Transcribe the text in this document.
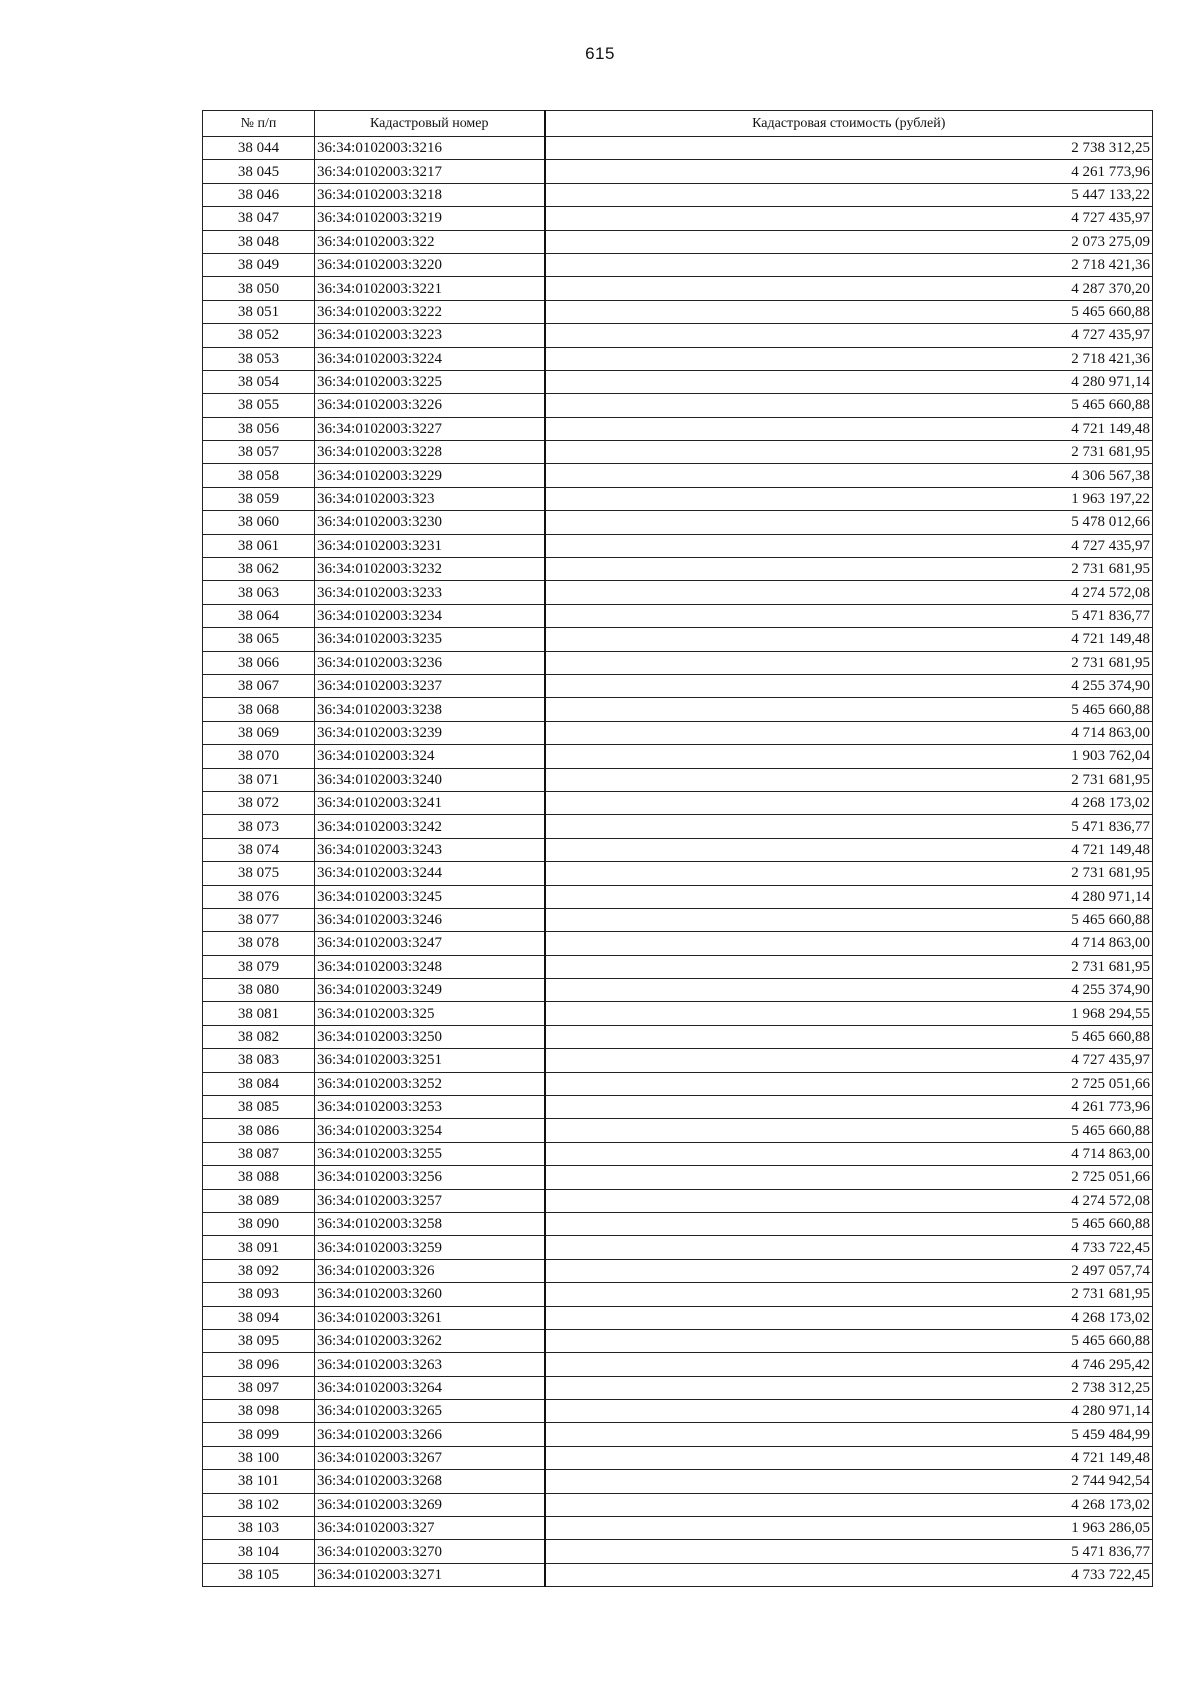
615
№ п/п	Кадастровый номер	Кадастровая стоимость (рублей)
38 044	36:34:0102003:3216	2 738 312,25
38 045	36:34:0102003:3217	4 261 773,96
38 046	36:34:0102003:3218	5 447 133,22
38 047	36:34:0102003:3219	4 727 435,97
38 048	36:34:0102003:322	2 073 275,09
38 049	36:34:0102003:3220	2 718 421,36
38 050	36:34:0102003:3221	4 287 370,20
38 051	36:34:0102003:3222	5 465 660,88
38 052	36:34:0102003:3223	4 727 435,97
38 053	36:34:0102003:3224	2 718 421,36
38 054	36:34:0102003:3225	4 280 971,14
38 055	36:34:0102003:3226	5 465 660,88
38 056	36:34:0102003:3227	4 721 149,48
38 057	36:34:0102003:3228	2 731 681,95
38 058	36:34:0102003:3229	4 306 567,38
38 059	36:34:0102003:323	1 963 197,22
38 060	36:34:0102003:3230	5 478 012,66
38 061	36:34:0102003:3231	4 727 435,97
38 062	36:34:0102003:3232	2 731 681,95
38 063	36:34:0102003:3233	4 274 572,08
38 064	36:34:0102003:3234	5 471 836,77
38 065	36:34:0102003:3235	4 721 149,48
38 066	36:34:0102003:3236	2 731 681,95
38 067	36:34:0102003:3237	4 255 374,90
38 068	36:34:0102003:3238	5 465 660,88
38 069	36:34:0102003:3239	4 714 863,00
38 070	36:34:0102003:324	1 903 762,04
38 071	36:34:0102003:3240	2 731 681,95
38 072	36:34:0102003:3241	4 268 173,02
38 073	36:34:0102003:3242	5 471 836,77
38 074	36:34:0102003:3243	4 721 149,48
38 075	36:34:0102003:3244	2 731 681,95
38 076	36:34:0102003:3245	4 280 971,14
38 077	36:34:0102003:3246	5 465 660,88
38 078	36:34:0102003:3247	4 714 863,00
38 079	36:34:0102003:3248	2 731 681,95
38 080	36:34:0102003:3249	4 255 374,90
38 081	36:34:0102003:325	1 968 294,55
38 082	36:34:0102003:3250	5 465 660,88
38 083	36:34:0102003:3251	4 727 435,97
38 084	36:34:0102003:3252	2 725 051,66
38 085	36:34:0102003:3253	4 261 773,96
38 086	36:34:0102003:3254	5 465 660,88
38 087	36:34:0102003:3255	4 714 863,00
38 088	36:34:0102003:3256	2 725 051,66
38 089	36:34:0102003:3257	4 274 572,08
38 090	36:34:0102003:3258	5 465 660,88
38 091	36:34:0102003:3259	4 733 722,45
38 092	36:34:0102003:326	2 497 057,74
38 093	36:34:0102003:3260	2 731 681,95
38 094	36:34:0102003:3261	4 268 173,02
38 095	36:34:0102003:3262	5 465 660,88
38 096	36:34:0102003:3263	4 746 295,42
38 097	36:34:0102003:3264	2 738 312,25
38 098	36:34:0102003:3265	4 280 971,14
38 099	36:34:0102003:3266	5 459 484,99
38 100	36:34:0102003:3267	4 721 149,48
38 101	36:34:0102003:3268	2 744 942,54
38 102	36:34:0102003:3269	4 268 173,02
38 103	36:34:0102003:327	1 963 286,05
38 104	36:34:0102003:3270	5 471 836,77
38 105	36:34:0102003:3271	4 733 722,45
